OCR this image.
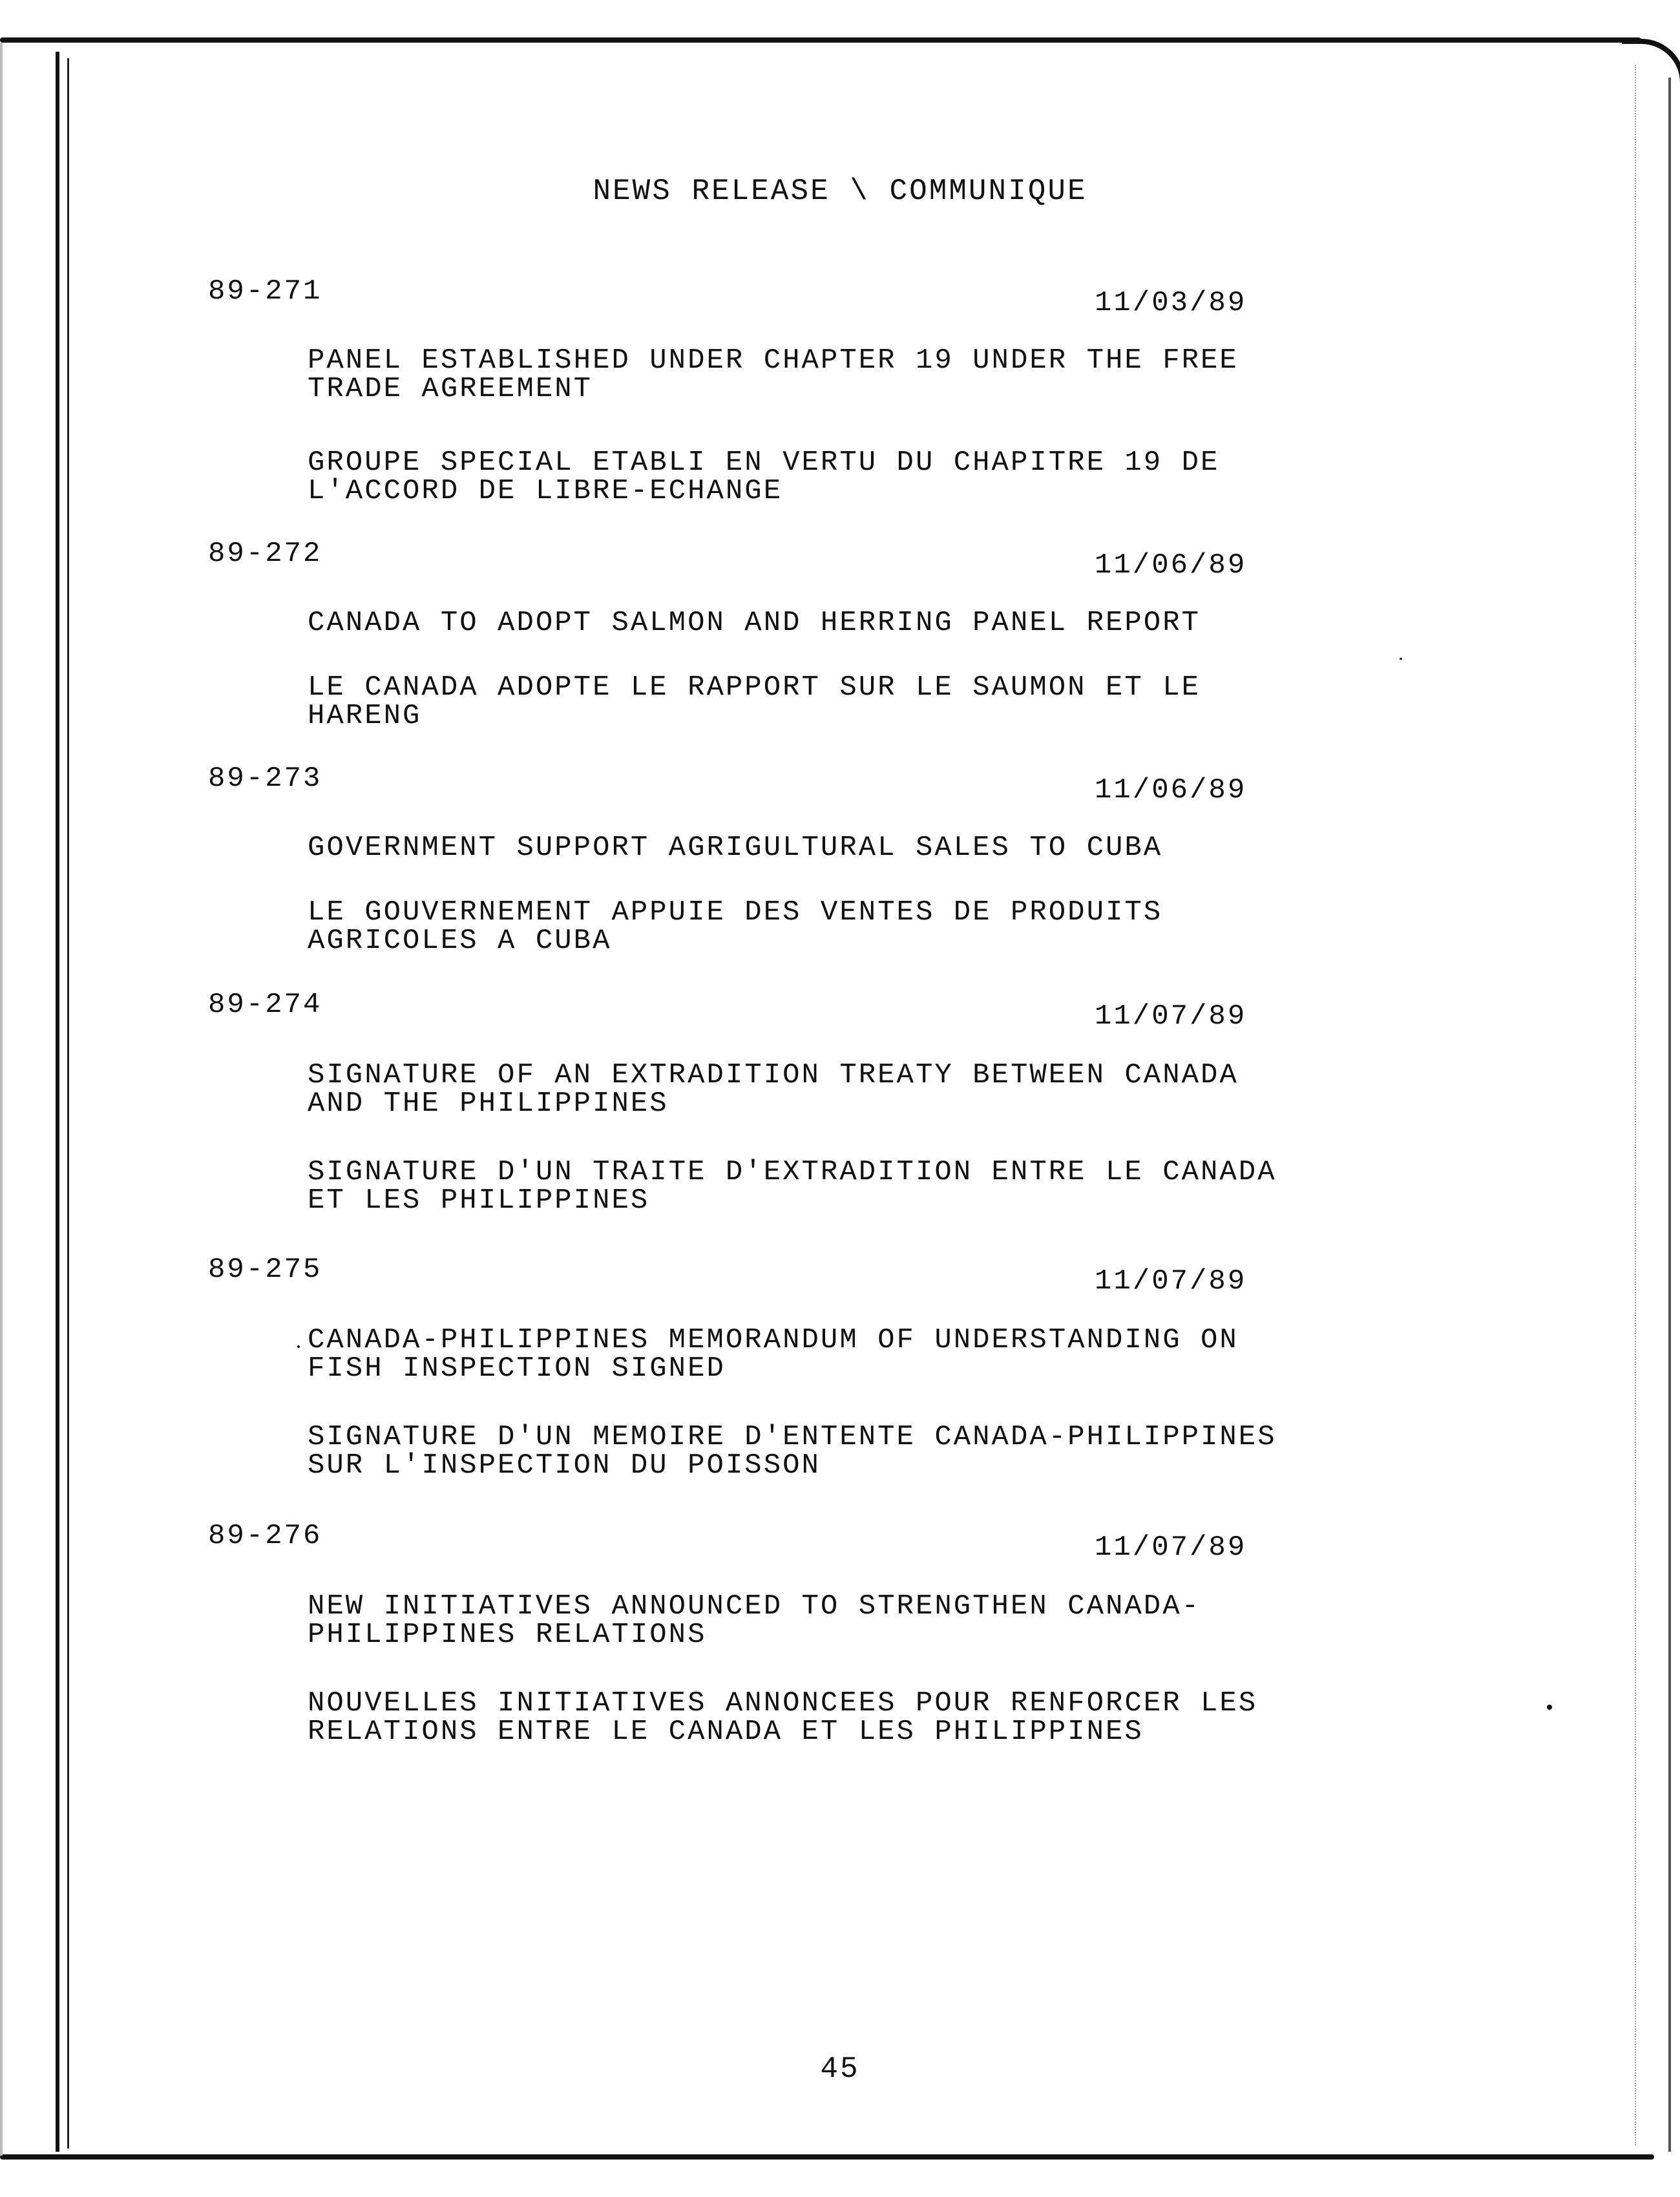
NEWS RELEASE \ COMMUNIQUE
89-271	11/03/89
PANEL ESTABLISHED UNDER CHAPTER 19 UNDER THE FREE
TRADE AGREEMENT
GROUPE SPECIAL ETABLI EN VERTU DU CHAPITRE 19 DE
L'ACCORD DE LIBRE-ECHANGE
89-272	11/06/89
CANADA TO ADOPT SALMON AND HERRING PANEL REPORT
LE CANADA ADOPTE LE RAPPORT SUR LE SAUMON ET LE
HARENG
89-273	11/06/89
GOVERNMENT SUPPORT AGRIGULTURAL SALES TO CUBA
LE GOUVERNEMENT APPUIE DES VENTES DE PRODUITS
AGRICOLES A CUBA
89-274	11/07/89
SIGNATURE OF AN EXTRADITION TREATY BETWEEN CANADA
AND THE PHILIPPINES
SIGNATURE D'UN TRAITE D'EXTRADITION ENTRE LE CANADA
ET LES PHILIPPINES
89-275	11/07/89
CANADA-PHILIPPINES MEMORANDUM OF UNDERSTANDING ON
FISH INSPECTION SIGNED
SIGNATURE D'UN MEMOIRE D'ENTENTE CANADA-PHILIPPINES
SUR L'INSPECTION DU POISSON
89-276	11/07/89
NEW INITIATIVES ANNOUNCED TO STRENGTHEN CANADA-
PHILIPPINES RELATIONS
NOUVELLES INITIATIVES ANNONCEES POUR RENFORCER LES
RELATIONS ENTRE LE CANADA ET LES PHILIPPINES
45
